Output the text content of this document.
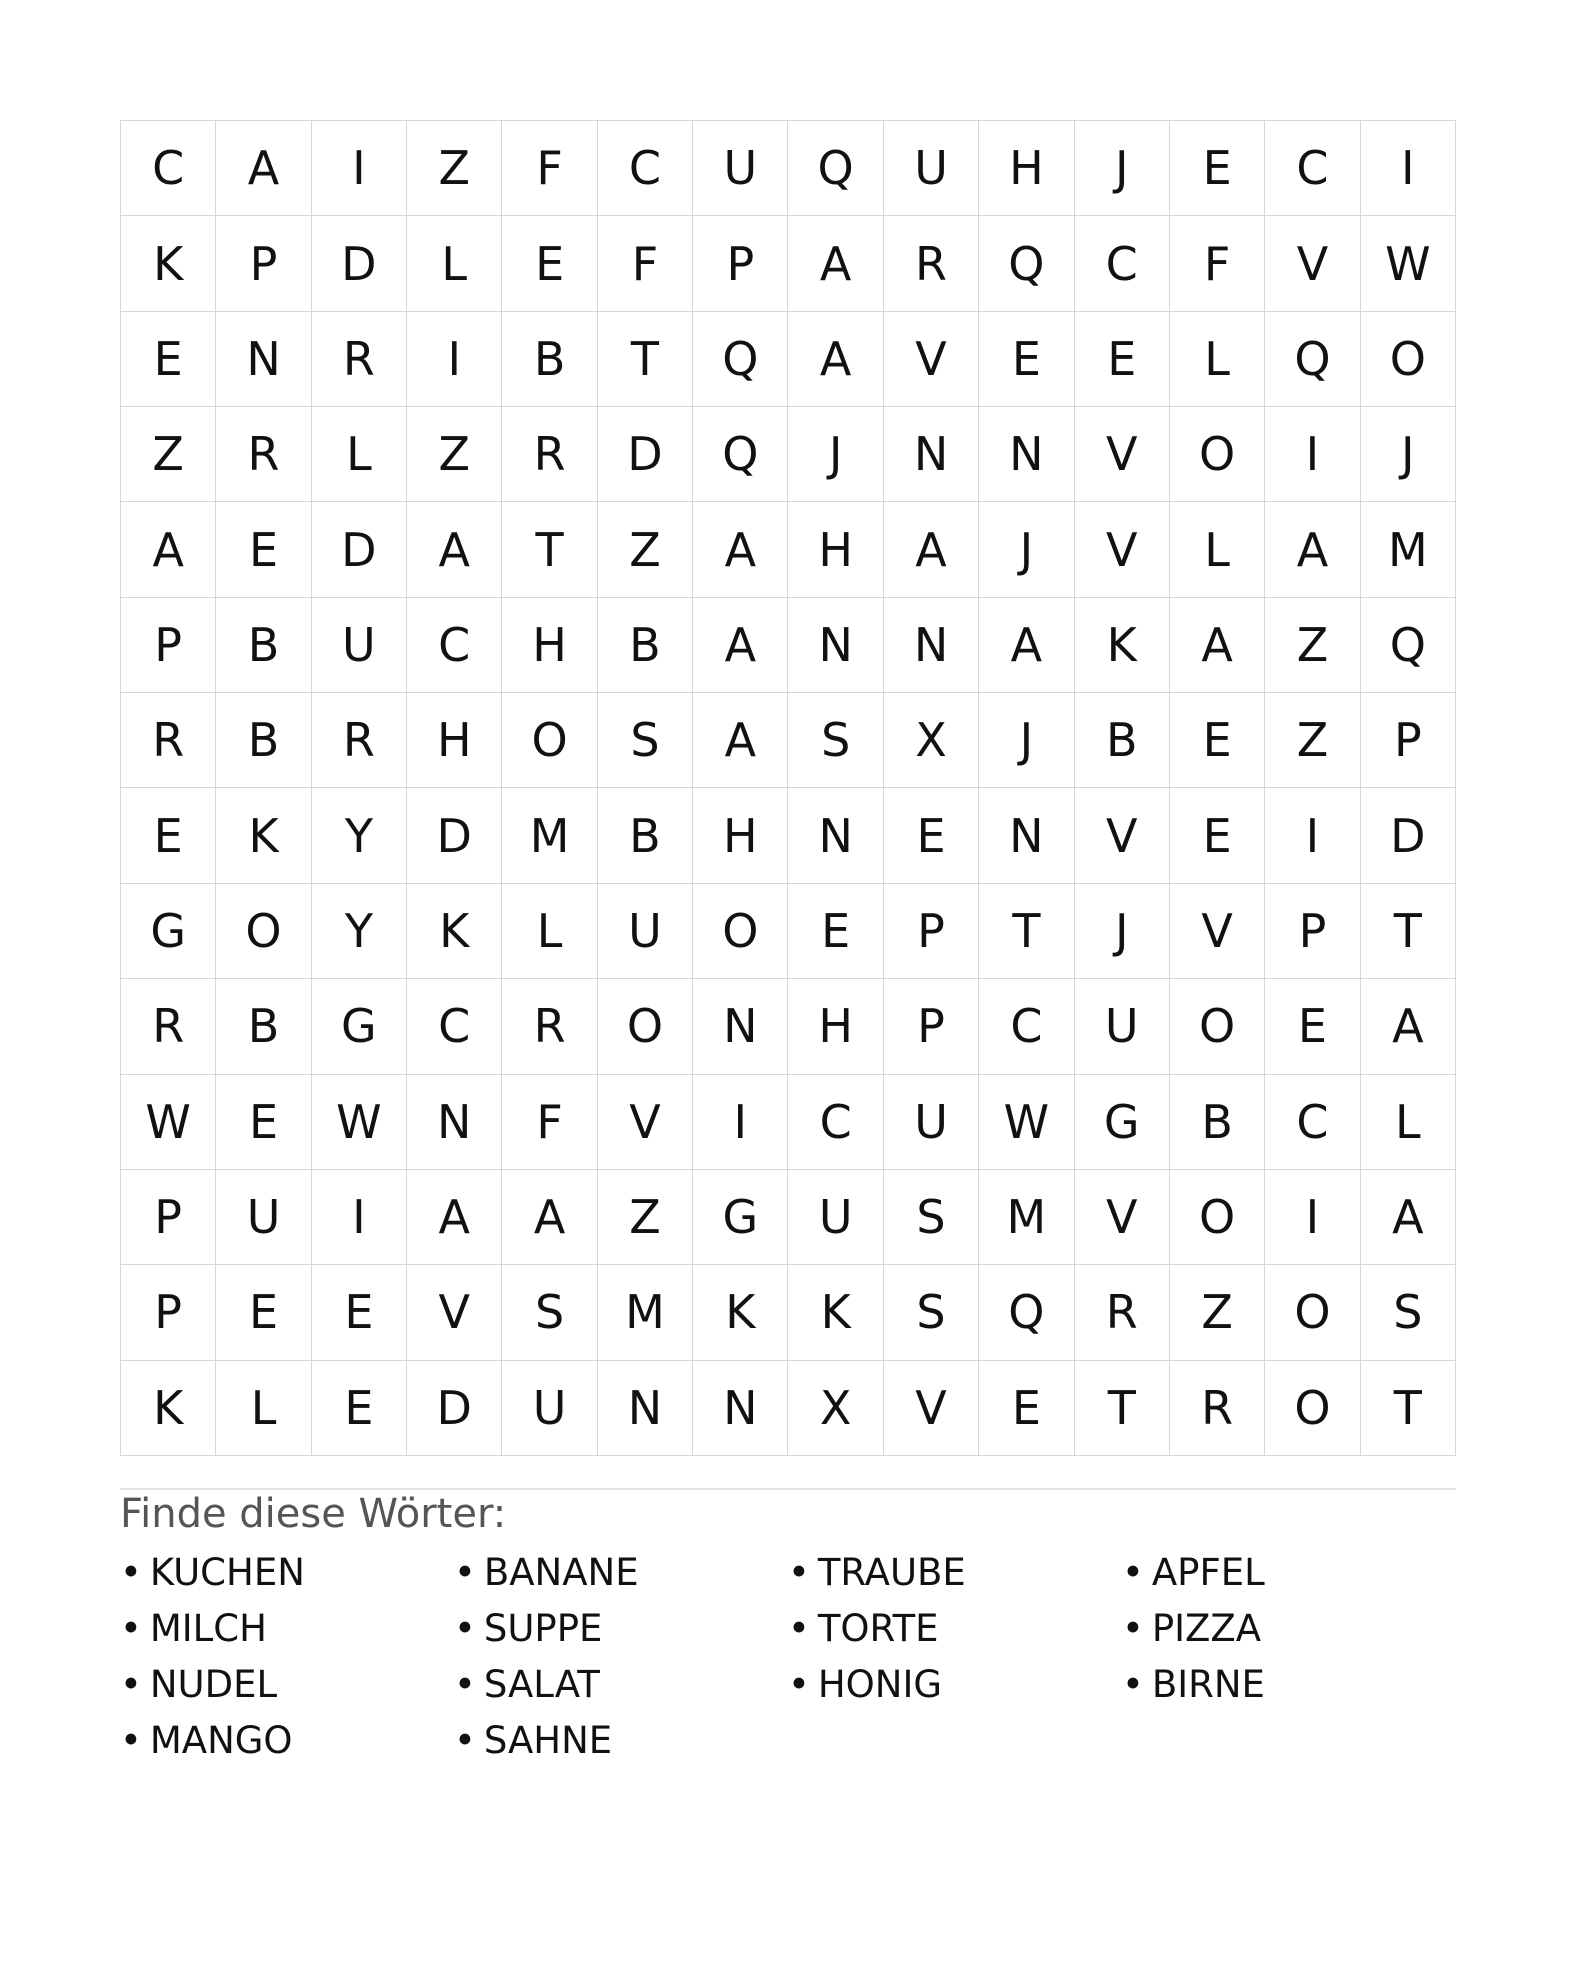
C	A	I	Z	F	C	U	Q	U	H	J	E	C	I
K	P	D	L	E	F	P	A	R	Q	C	F	V	W
E	N	R	I	B	T	Q	A	V	E	E	L	Q	O
Z	R	L	Z	R	D	Q	J	N	N	V	O	I	J
A	E	D	A	T	Z	A	H	A	J	V	L	A	M
P	B	U	C	H	B	A	N	N	A	K	A	Z	Q
R	B	R	H	O	S	A	S	X	J	B	E	Z	P
E	K	Y	D	M	B	H	N	E	N	V	E	I	D
G	O	Y	K	L	U	O	E	P	T	J	V	P	T
R	B	G	C	R	O	N	H	P	C	U	O	E	A
W	E	W	N	F	V	I	C	U	W	G	B	C	L
P	U	I	A	A	Z	G	U	S	M	V	O	I	A
P	E	E	V	S	M	K	K	S	Q	R	Z	O	S
K	L	E	D	U	N	N	X	V	E	T	R	O	T
Finde diese Wörter:
• KUCHEN	• BANANE	• TRAUBE	• APFEL
• MILCH	• SUPPE	• TORTE	• PIZZA
• NUDEL	• SALAT	• HONIG	• BIRNE
• MANGO	• SAHNE
